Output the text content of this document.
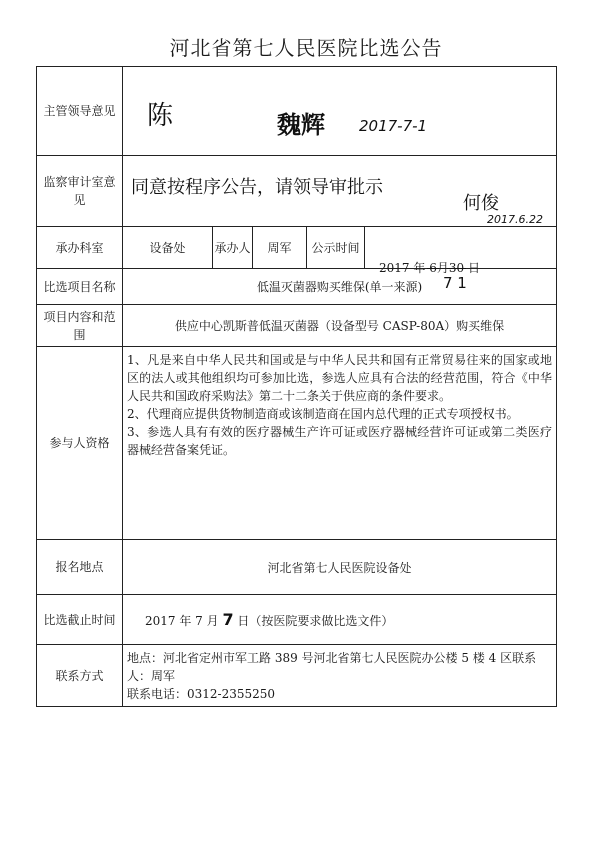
河北省第七人民医院比选公告
主管领导意见	陈 魏辉 2017-7-1				

监察审计室意见	同意按程序公告，请领导审批示
何俊
2017.6.22				

承办科室	设备处	承办人	周军	公示时间	2017 年 6月30 日
7 1

比选项目名称	低温灭菌器购买维保(单一来源)				
项目内容和范围	供应中心凯斯普低温灭菌器（设备型号 CASP-80A）购买维保				
参与人资格	1、凡是来自中华人民共和国或是与中华人民共和国有正常贸易往来的国家或地区的法人或其他组织均可参加比选，参选人应具有合法的经营范围，符合《中华人民共和国政府采购法》第二十二条关于供应商的条件要求。

2、代理商应提供货物制造商或该制造商在国内总代理的正式专项授权书。

3、参选人具有有效的医疗器械生产许可证或医疗器械经营许可证或第二类医疗器械经营备案凭证。				

报名地点	河北省第七人民医院设备处				
比选截止时间	2017 年 7 月 7 日（按医院要求做比选文件）				
联系方式	地点：河北省定州市军工路 389 号河北省第七人民医院办公楼 5 楼 4 区联系人：周军

联系电话：0312-2355250				
